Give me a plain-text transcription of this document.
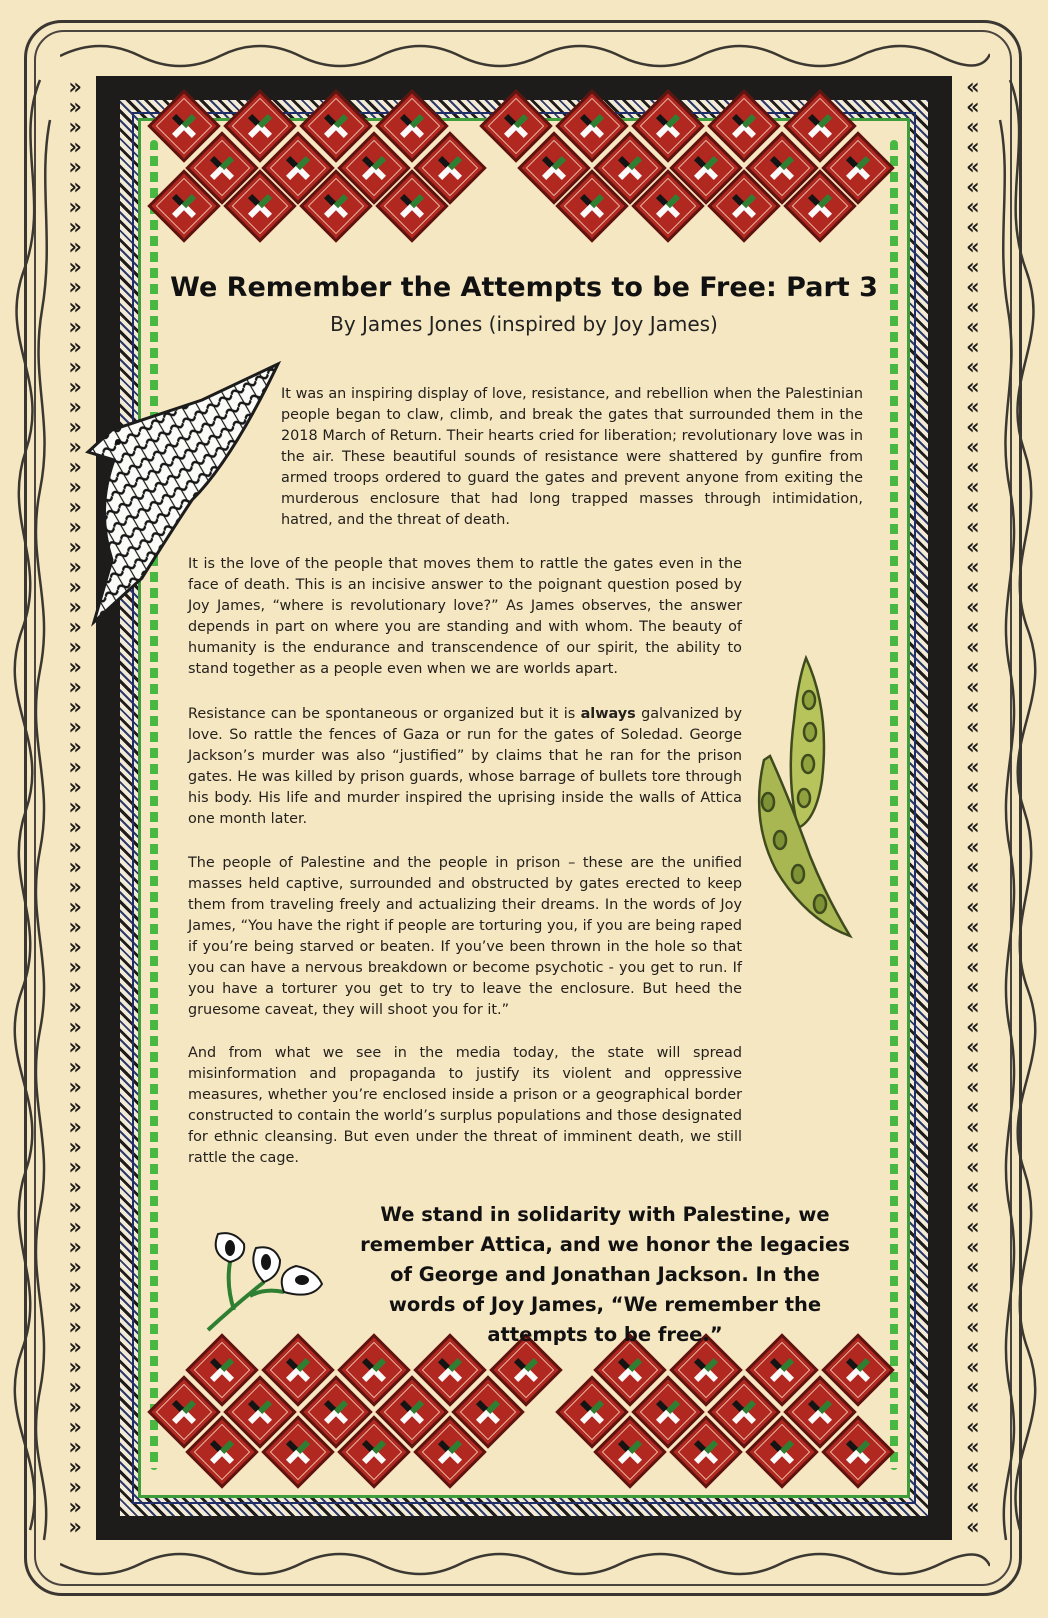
»
»
»
»
»
»
»
»
»
»
»
»
»
»
»
»
»
»
»
»
»
»
»
»
»
»
»
»
»
»
»
»
»
»
»
»
»
»
»
»
»
»
»
»
»
»
»
»
»
»
»
»
»
»
»
»
»
»
»
»
»
»
»
»
»
»
»
»
»
»
»
»
»
«
«
«
«
«
«
«
«
«
«
«
«
«
«
«
«
«
«
«
«
«
«
«
«
«
«
«
«
«
«
«
«
«
«
«
«
«
«
«
«
«
«
«
«
«
«
«
«
«
«
«
«
«
«
«
«
«
«
«
«
«
«
«
«
«
«
«
«
«
«
«
«
«
We Remember the Attempts to be Free: Part 3
By James Jones (inspired by Joy James)

It was an inspiring display of love, resistance, and rebellion when the Palestinian people began to claw, climb, and break the gates that surrounded them in the 2018 March of Return. Their hearts cried for liberation; revolutionary love was in the air. These beautiful sounds of resistance were shattered by gunfire from armed troops ordered to guard the gates and prevent anyone from exiting the murderous enclosure that had long trapped masses through intimidation, hatred, and the threat of death.

It is the love of the people that moves them to rattle the gates even in the face of death. This is an incisive answer to the poignant question posed by Joy James, “where is revolutionary love?” As James observes, the answer depends in part on where you are standing and with whom. The beauty of humanity is the endurance and transcendence of our spirit, the ability to stand together as a people even when we are worlds apart.

Resistance can be spontaneous or organized but it is always galvanized by love. So rattle the fences of Gaza or run for the gates of Soledad. George Jackson’s murder was also “justified” by claims that he ran for the prison gates. He was killed by prison guards, whose barrage of bullets tore through his body. His life and murder inspired the uprising inside the walls of Attica one month later.

The people of Palestine and the people in prison – these are the unified masses held captive, surrounded and obstructed by gates erected to keep them from traveling freely and actualizing their dreams. In the words of Joy James, “You have the right if people are torturing you, if you are being raped if you’re being starved or beaten. If you’ve been thrown in the hole so that you can have a nervous breakdown or become psychotic - you get to run. If you have a torturer you get to try to leave the enclosure. But heed the gruesome caveat, they will shoot you for it.”

And from what we see in the media today, the state will spread misinformation and propaganda to justify its violent and oppressive measures, whether you’re enclosed inside a prison or a geographical border constructed to contain the world’s surplus populations and those designated for ethnic cleansing. But even under the threat of imminent death, we still rattle the cage.

We stand in solidarity with Palestine, we remember Attica, and we honor the legacies of George and Jonathan Jackson. In the words of Joy James, “We remember the attempts to be free.”
